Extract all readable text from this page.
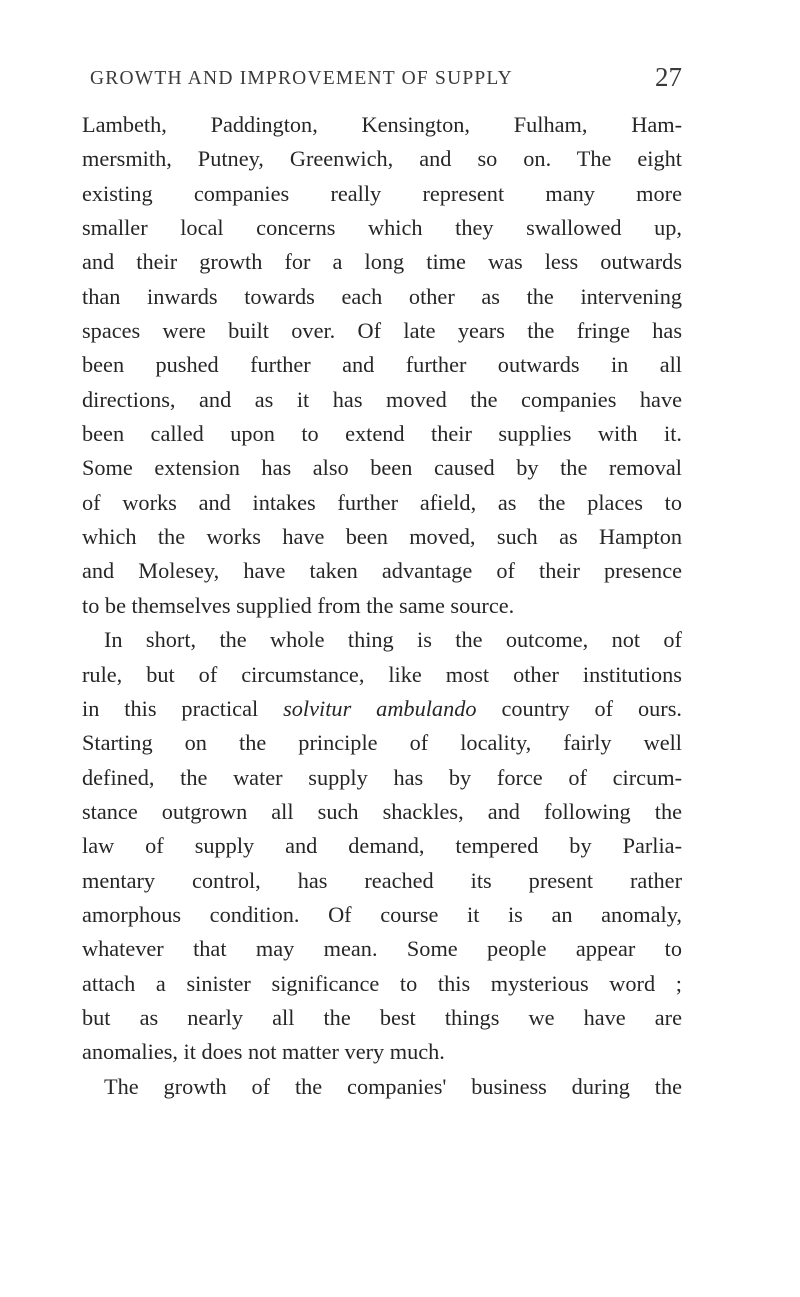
GROWTH AND IMPROVEMENT OF SUPPLY	27
Lambeth, Paddington, Kensington, Fulham, Ham-
mersmith, Putney, Greenwich, and so on. The eight
existing companies really represent many more
smaller local concerns which they swallowed up,
and their growth for a long time was less outwards
than inwards towards each other as the intervening
spaces were built over. Of late years the fringe has
been pushed further and further outwards in all
directions, and as it has moved the companies have
been called upon to extend their supplies with it.
Some extension has also been caused by the removal
of works and intakes further afield, as the places to
which the works have been moved, such as Hampton
and Molesey, have taken advantage of their presence
to be themselves supplied from the same source.
In short, the whole thing is the outcome, not of
rule, but of circumstance, like most other institutions
in this practical solvitur ambulando country of ours.
Starting on the principle of locality, fairly well
defined, the water supply has by force of circum-
stance outgrown all such shackles, and following the
law of supply and demand, tempered by Parlia-
mentary control, has reached its present rather
amorphous condition. Of course it is an anomaly,
whatever that may mean. Some people appear to
attach a sinister significance to this mysterious word ;
but as nearly all the best things we have are
anomalies, it does not matter very much.
The growth of the companies' business during the
